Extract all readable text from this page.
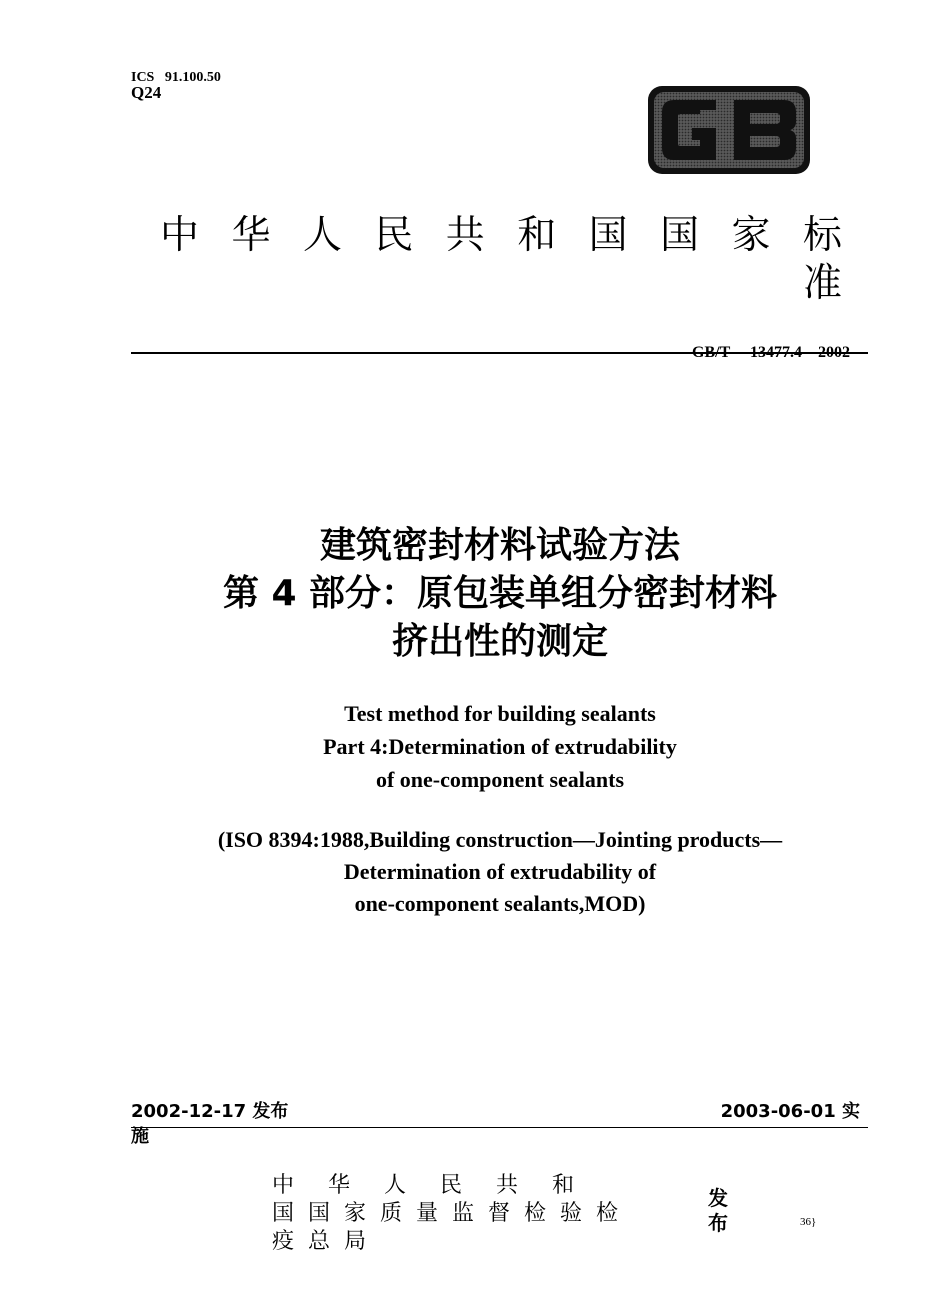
ICS   91.100.50
Q24
中华人民共和国国家标准
GB/T     13477.4—2002
建筑密封材料试验方法
第 4 部分：原包装单组分密封材料
挤出性的测定
Test method for building sealants
Part 4:Determination of extrudability
of one-component sealants
(ISO 8394:1988,Building construction—Jointing products—
Determination of extrudability of
one-component sealants,MOD)
2002-12-17 发布	2003-06-01 实
施
中华人民共和
国国家质量监督检验检疫总局
发布	36}
